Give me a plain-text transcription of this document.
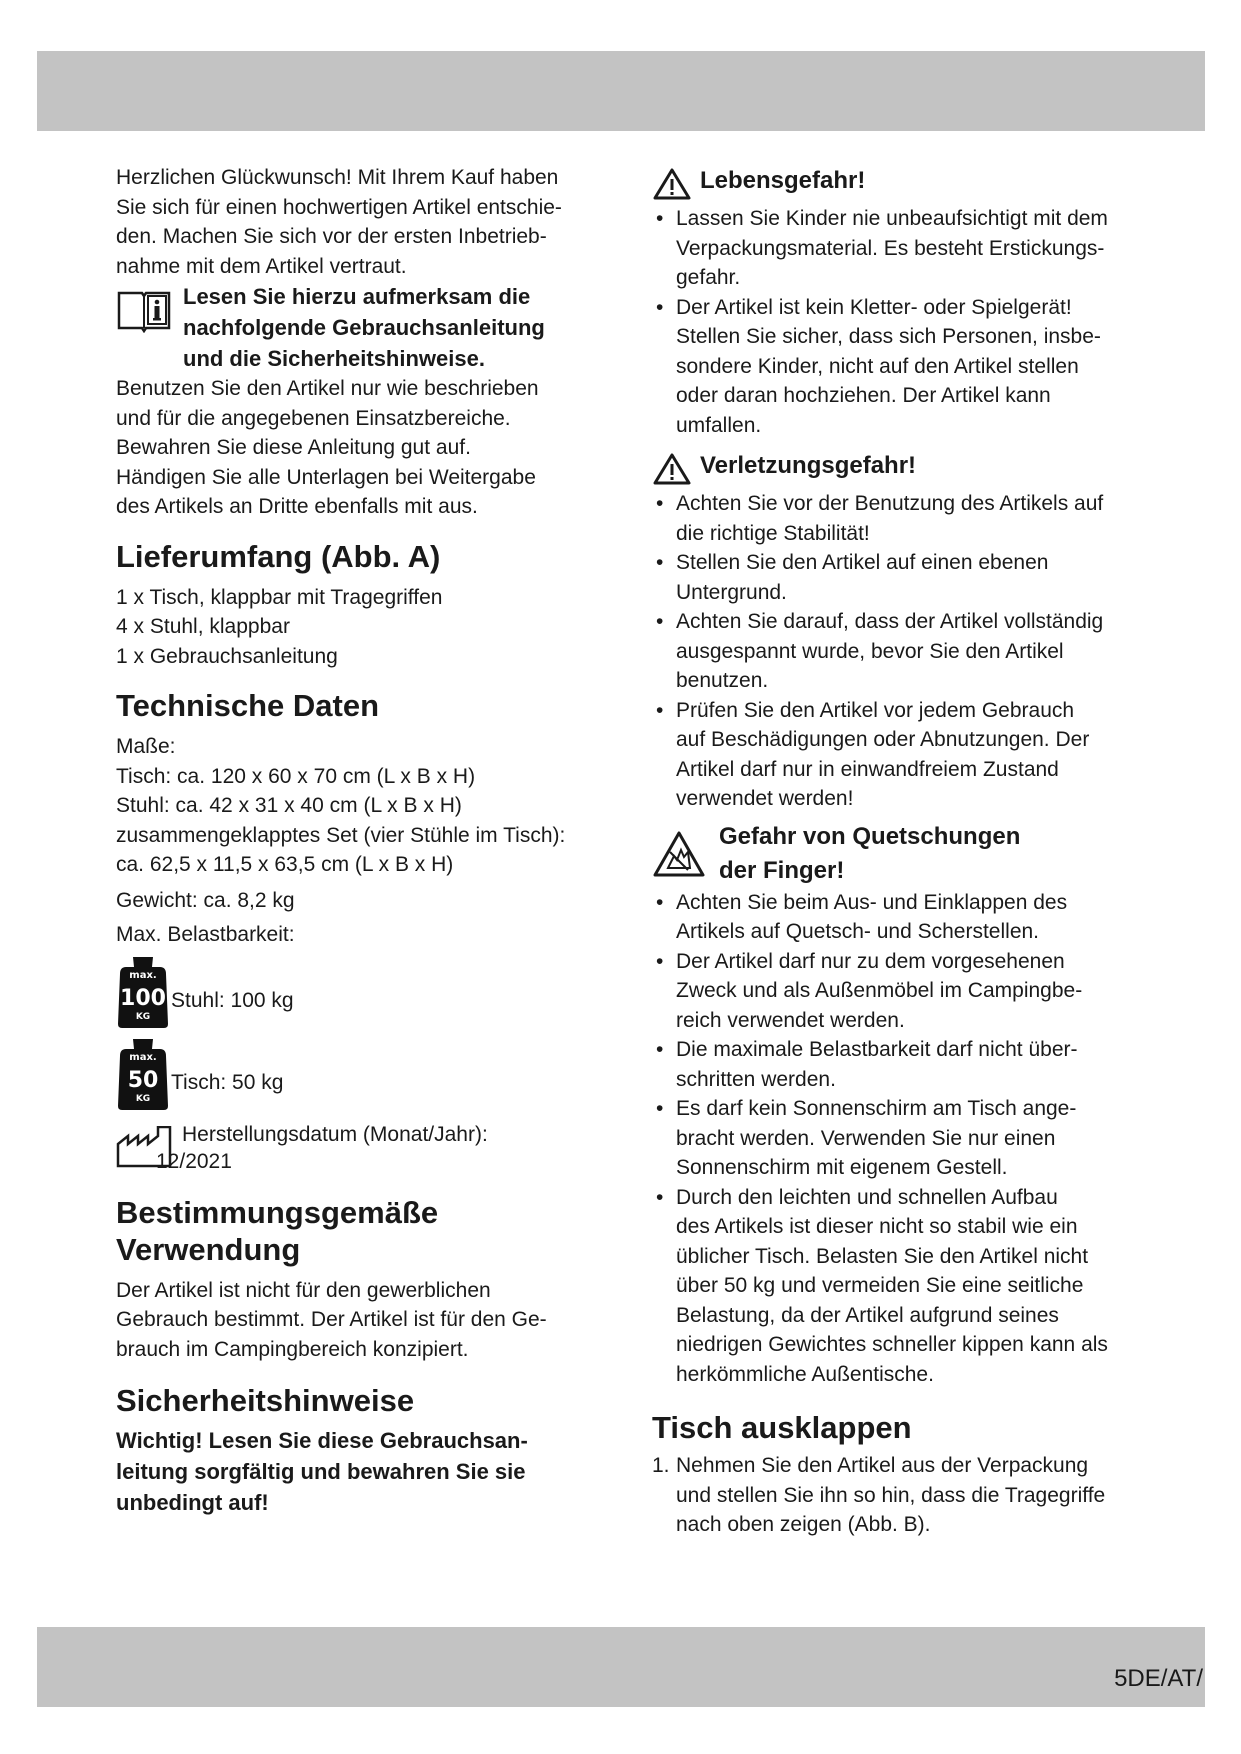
Herzlichen Glückwunsch! Mit Ihrem Kauf haben

Sie sich für einen hochwertigen Artikel entschie-

den. Machen Sie sich vor der ersten Inbetrieb-

nahme mit dem Artikel vertraut.

Lesen Sie hierzu aufmerksam die

nachfolgende Gebrauchsanleitung

und die Sicherheitshinweise.

Benutzen Sie den Artikel nur wie beschrieben

und für die angegebenen Einsatzbereiche.

Bewahren Sie diese Anleitung gut auf.

Händigen Sie alle Unterlagen bei Weitergabe

des Artikels an Dritte ebenfalls mit aus.

Lieferumfang (Abb. A)

1 x Tisch, klappbar mit Tragegriffen

4 x Stuhl, klappbar

1 x Gebrauchsanleitung

Technische Daten

Maße:

Tisch: ca. 120 x 60 x 70 cm (L x B x H)

Stuhl: ca. 42 x 31 x 40 cm (L x B x H)

zusammengeklapptes Set (vier Stühle im Tisch):

ca. 62,5 x 11,5 x 63,5 cm (L x B x H)

Gewicht: ca. 8,2 kg

Max. Belastbarkeit:

max.
100
KG
Stuhl: 100 kg
max.
50
KG
Tisch: 50 kg
Herstellungsdatum (Monat/Jahr):
12/2021
Bestimmungsgemäße
Verwendung

Der Artikel ist nicht für den gewerblichen

Gebrauch bestimmt. Der Artikel ist für den Ge-

brauch im Campingbereich konzipiert.

Sicherheitshinweise

Wichtig! Lesen Sie diese Gebrauchsan-

leitung sorgfältig und bewahren Sie sie

unbedingt auf!

Lebensgefahr!
• Lassen Sie Kinder nie unbeaufsichtigt mit dem

Verpackungsmaterial. Es besteht Erstickungs-

gefahr.

• Der Artikel ist kein Kletter- oder Spielgerät!

Stellen Sie sicher, dass sich Personen, insbe-

sondere Kinder, nicht auf den Artikel stellen

oder daran hochziehen. Der Artikel kann

umfallen.

Verletzungsgefahr!
• Achten Sie vor der Benutzung des Artikels auf

die richtige Stabilität!

• Stellen Sie den Artikel auf einen ebenen

Untergrund.

• Achten Sie darauf, dass der Artikel vollständig

ausgespannt wurde, bevor Sie den Artikel

benutzen.

• Prüfen Sie den Artikel vor jedem Gebrauch

auf Beschädigungen oder Abnutzungen. Der

Artikel darf nur in einwandfreiem Zustand

verwendet werden!

Gefahr von Quetschungen

der Finger!

• Achten Sie beim Aus- und Einklappen des

Artikels auf Quetsch- und Scherstellen.

• Der Artikel darf nur zu dem vorgesehenen

Zweck und als Außenmöbel im Campingbe-

reich verwendet werden.

• Die maximale Belastbarkeit darf nicht über-

schritten werden.

• Es darf kein Sonnenschirm am Tisch ange-

bracht werden. Verwenden Sie nur einen

Sonnenschirm mit eigenem Gestell.

• Durch den leichten und schnellen Aufbau

des Artikels ist dieser nicht so stabil wie ein

üblicher Tisch. Belasten Sie den Artikel nicht

über 50 kg und vermeiden Sie eine seitliche

Belastung, da der Artikel aufgrund seines

niedrigen Gewichtes schneller kippen kann als

herkömmliche Außentische.

Tisch ausklappen
1. Nehmen Sie den Artikel aus der Verpackung

und stellen Sie ihn so hin, dass die Tragegriffe

nach oben zeigen (Abb. B).

5DE/AT/
